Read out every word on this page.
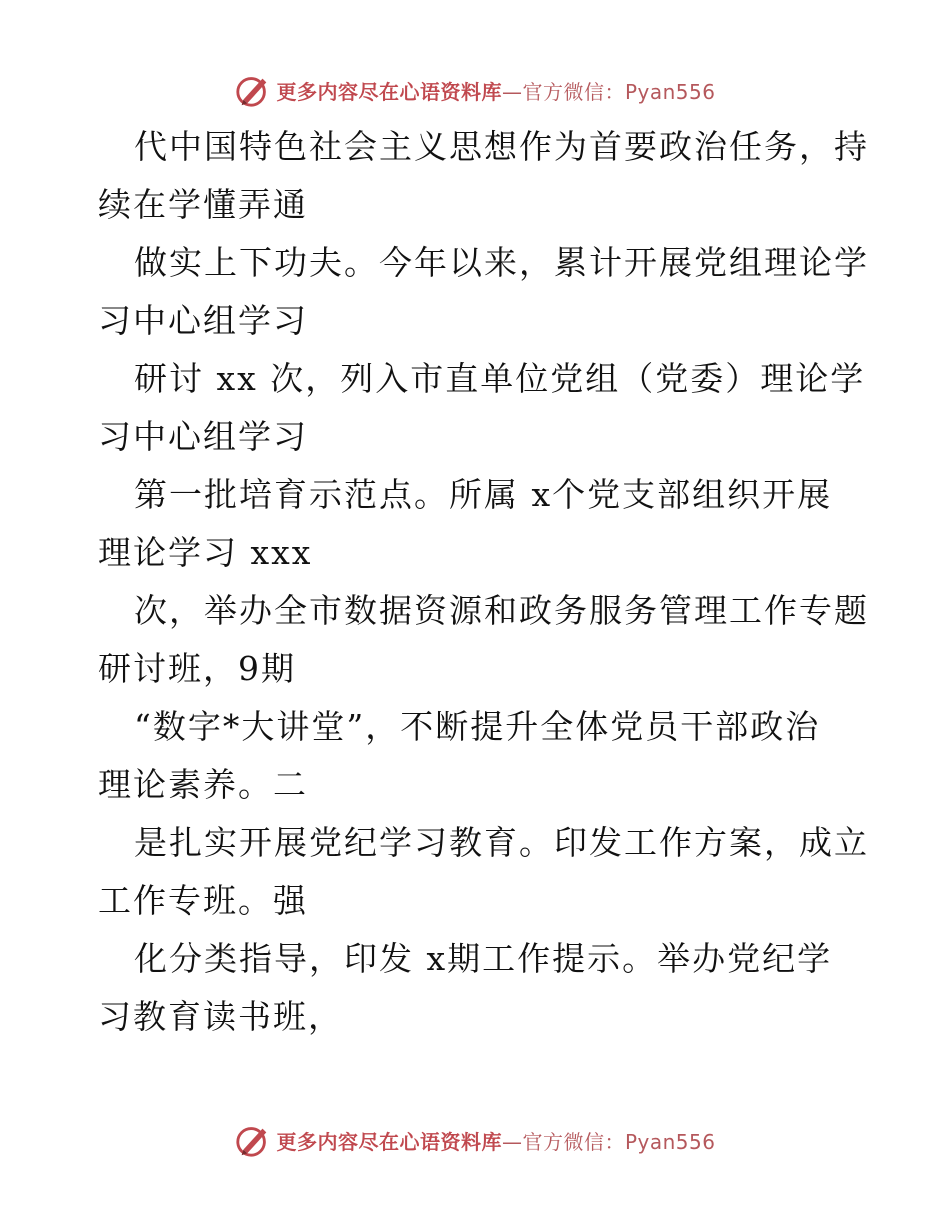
更多内容尽在心语资料库—官方微信：Pyan556
代中国特色社会主义思想作为首要政治任务，持
续在学懂弄通
做实上下功夫。今年以来，累计开展党组理论学
习中心组学习
研讨 xx 次，列入市直单位党组（党委）理论学
习中心组学习
第一批培育示范点。所属 x个党支部组织开展
理论学习 xxx
次，举办全市数据资源和政务服务管理工作专题
研讨班，9期
“数字*大讲堂”，不断提升全体党员干部政治
理论素养。二
是扎实开展党纪学习教育。印发工作方案，成立
工作专班。强
化分类指导，印发 x期工作提示。举办党纪学
习教育读书班，
更多内容尽在心语资料库—官方微信：Pyan556
